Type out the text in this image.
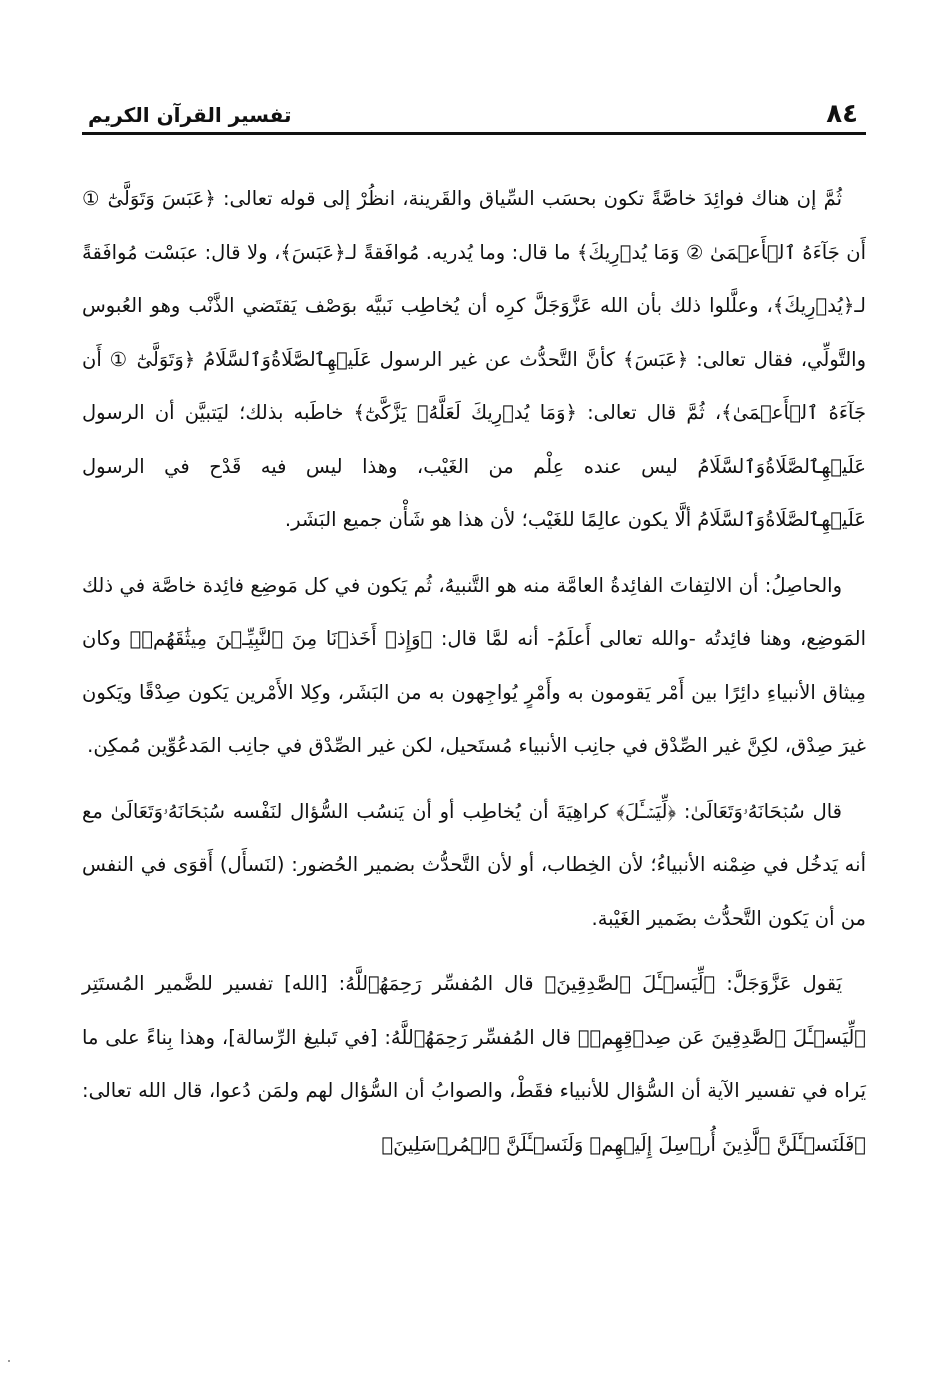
٨٤
تفسير القرآن الكريم

ثُمَّ إن هناك فوائِدَ خاصَّةً تكون بحسَب السِّياق والقَرينة، انظُرْ إلى قوله تعالى: ﴿عَبَسَ وَتَوَلَّىٰٓ ① أَن جَآءَهُ ٱلۡأَعۡمَىٰ ② وَمَا يُدۡرِيكَ﴾ ما قال: وما يُدريه. مُوافَقةً لـ﴿عَبَسَ﴾، ولا قال: عبَسْت مُوافَقةً لـ﴿يُدۡرِيكَ﴾، وعلَّلوا ذلك بأن الله عَزَّوَجَلَّ كرِه أن يُخاطِب نَبيَّه بوَصْف يَقتَضي الذَّنْب وهو العُبوس والتَّولِّي، فقال تعالى: ﴿عَبَسَ﴾ كأنَّ التَّحدُّث عن غير الرسول عَلَيۡهِٱلصَّلَاةُوَٱلسَّلَامُ ﴿وَتَوَلَّىٰٓ ① أَن جَآءَهُ ٱلۡأَعۡمَىٰ﴾، ثُمَّ قال تعالى: ﴿وَمَا يُدۡرِيكَ لَعَلَّهُۥ يَزَّكَّىٰٓ﴾ خاطَبه بذلك؛ ليَتبيَّن أن الرسول عَلَيۡهِٱلصَّلَاةُوَٱلسَّلَامُ ليس عنده عِلْم من الغَيْب، وهذا ليس فيه قَدْح في الرسول عَلَيۡهِٱلصَّلَاةُوَٱلسَّلَامُ ألَّا يكون عالِمًا للغَيْب؛ لأن هذا هو شَأْن جميع البَشَر.

والحاصِلُ: أن الالتِفاتَ الفائِدةُ العامَّة منه هو التَّنبيهُ، ثُم يَكون في كل مَوضِع فائِدة خاصَّة في ذلك المَوضِع، وهنا فائِدتُه -والله تعالى أَعلَمُ- أنه لمَّا قال: ﴿وَإِذۡ أَخَذۡنَا مِنَ ٱلنَّبِيِّـۧنَ مِيثَٰقَهُمۡ﴾ وكان مِيثاق الأنبياءِ دائِرًا بين أَمْر يَقومون به وأَمْرٍ يُواجِهون به من البَشَر، وكِلا الأَمْرين يَكون صِدْقًا ويَكون غيرَ صِدْق، لكِنَّ غير الصِّدْق في جانِب الأنبياء مُستَحيل، لكن غير الصِّدْق في جانِب المَدعُوِّين مُمكِن.

قال سُبۡحَانَهُۥوَتَعَالَىٰ: ﴿لِّيَسۡـَٔلَ﴾ كراهِيَةَ أن يُخاطِب أو أن يَنسُب السُّؤال لنَفْسه سُبۡحَانَهُۥوَتَعَالَىٰ مع أنه يَدخُل في ضِمْنه الأنبياءُ؛ لأن الخِطاب، أو لأن التَّحدُّث بضمير الحُضور: (لنَسأَل) أَقوَى في النفس من أن يَكون التَّحدُّث بضَمير الغَيْبة.

يَقول عَزَّوَجَلَّ: ﴿لِّيَسۡـَٔلَ ٱلصَّٰدِقِينَ﴾ قال المُفسِّر رَحِمَهُٱللَّهُ: [الله] تفسير للضَّمير المُستَتِر ﴿لِّيَسۡـَٔلَ ٱلصَّٰدِقِينَ عَن صِدۡقِهِمۡ﴾ قال المُفسِّر رَحِمَهُٱللَّهُ: [في تَبليغ الرِّسالة]، وهذا بِناءً على ما يَراه في تفسير الآية أن السُّؤال للأنبياء فقَطْ، والصوابُ أن السُّؤال لهم ولمَن دُعوا، قال الله تعالى: ﴿فَلَنَسۡـَٔلَنَّ ٱلَّذِينَ أُرۡسِلَ إِلَيۡهِمۡ وَلَنَسۡـَٔلَنَّ ٱلۡمُرۡسَلِينَ﴾
